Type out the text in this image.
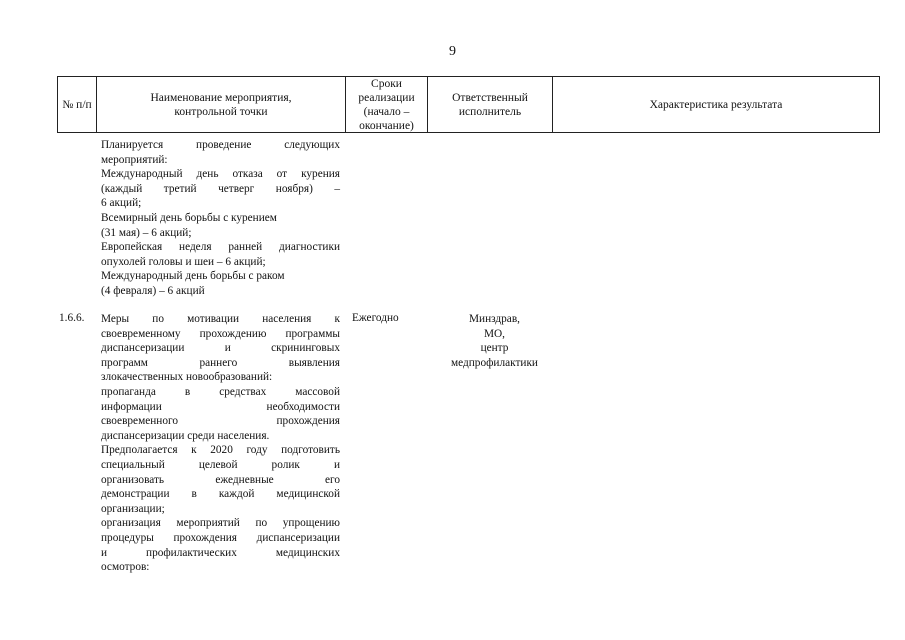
9
№ п/п
Наименование мероприятия,
контрольной точки
Сроки
реализации
(начало –
окончание)
Ответственный
исполнитель
Характеристика результата
Планируется проведение следующих
мероприятий:
Международный день отказа от курения
(каждый третий четверг ноября) –
6 акций;
Всемирный день борьбы с курением
(31 мая) – 6 акций;
Европейская неделя ранней диагностики
опухолей головы и шеи – 6 акций;
Международный день борьбы с раком
(4 февраля) – 6 акций
1.6.6.	Меры по мотивации населения к
своевременному прохождению программы
диспансеризации и скрининговых
программ раннего выявления
злокачественных новообразований:
пропаганда в средствах массовой
информации необходимости
своевременного прохождения
диспансеризации среди населения.
Предполагается к 2020 году подготовить
специальный целевой ролик и
организовать ежедневные его
демонстрации в каждой медицинской
организации;
организация мероприятий по упрощению
процедуры прохождения диспансеризации
и профилактических медицинских
осмотров:
Ежегодно	Минздрав,
МО,
центр
медпрофилактики
